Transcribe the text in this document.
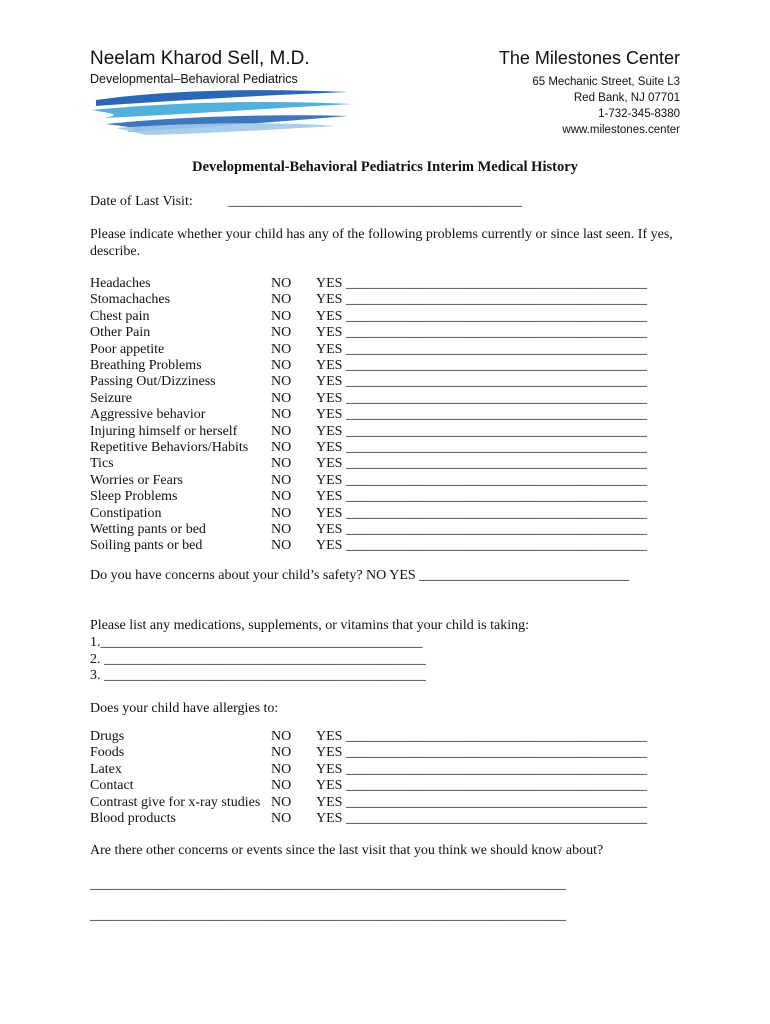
Neelam Kharod Sell, M.D.
Developmental–Behavioral Pediatrics
The Milestones Center
65 Mechanic Street, Suite L3
Red Bank, NJ 07701
1-732-345-8380
www.milestones.center
Developmental-Behavioral Pediatrics Interim Medical History
Date of Last Visit:	__________________________________________
Please indicate whether your child has any of the following problems currently or since last seen. If yes, describe.
Headaches	NO YES ___________________________________________
Stomachaches	NO YES ___________________________________________
Chest pain	NO YES ___________________________________________
Other Pain	NO YES ___________________________________________
Poor appetite	NO YES ___________________________________________
Breathing Problems	NO YES ___________________________________________
Passing Out/Dizziness	NO YES ___________________________________________
Seizure	NO YES ___________________________________________
Aggressive behavior	NO YES ___________________________________________
Injuring himself or herself NO YES ___________________________________________
Repetitive Behaviors/Habits NO YES ___________________________________________
Tics	NO YES ___________________________________________
Worries or Fears	NO YES ___________________________________________
Sleep Problems	NO YES ___________________________________________
Constipation	NO YES ___________________________________________
Wetting pants or bed	NO YES ___________________________________________
Soiling pants or bed	NO YES ___________________________________________
Do you have concerns about your child’s safety? NO YES ______________________________
Please list any medications, supplements, or vitamins that your child is taking:
1.______________________________________________
2. ______________________________________________
3. ______________________________________________
Does your child have allergies to:
Drugs	NO YES ___________________________________________
Foods	NO YES ___________________________________________
Latex	NO YES ___________________________________________
Contact	NO YES ___________________________________________
Contrast give for x-ray studies NO YES ___________________________________________
Blood products	NO YES ___________________________________________
Are there other concerns or events since the last visit that you think we should know about?
____________________________________________________________________
____________________________________________________________________
